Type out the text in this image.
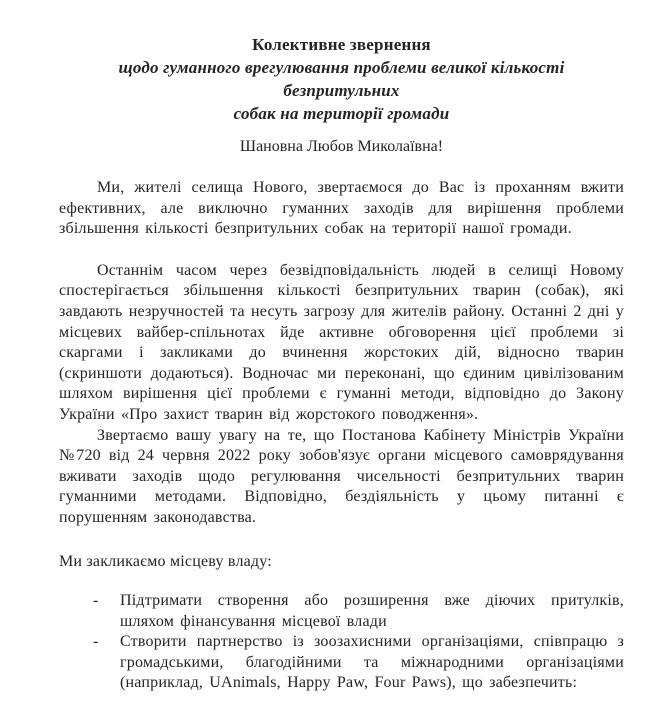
Колективне звернення
щодо гуманного врегулювання проблеми великої кількості безпритульних
собак на території громади

Шановна Любов Миколаївна!

Ми, жителі селища Нового, звертаємося до Вас із проханням вжити ефективних, але виключно гуманних заходів для вирішення проблеми збільшення кількості безпритульних собак на території нашої громади.

Останнім часом через безвідповідальність людей в селищі Новому спостерігається збільшення кількості безпритульних тварин (собак), які завдають незручностей та несуть загрозу для жителів району. Останні 2 дні у місцевих вайбер-спільнотах йде активне обговорення цієї проблеми зі скаргами і закликами до вчинення жорстоких дій, відносно тварин (скриншоти додаються). Водночас ми переконані, що єдиним цивілізованим шляхом вирішення цієї проблеми є гуманні методи, відповідно до Закону України «Про захист тварин від жорстокого поводження».

Звертаємо вашу увагу на те, що Постанова Кабінету Міністрів України №720 від 24 червня 2022 року зобов'язує органи місцевого самоврядування вживати заходів щодо регулювання чисельності безпритульних тварин гуманними методами. Відповідно, бездіяльність у цьому питанні є порушенням законодавства.

Ми закликаємо місцеву владу:

- Підтримати створення або розширення вже діючих притулків, шляхом фінансування місцевої влади
- Створити партнерство із зоозахисними організаціями, співпрацю з громадськими, благодійними та міжнародними організаціями (наприклад, UAnimals, Happy Paw, Four Paws), що забезпечить:
